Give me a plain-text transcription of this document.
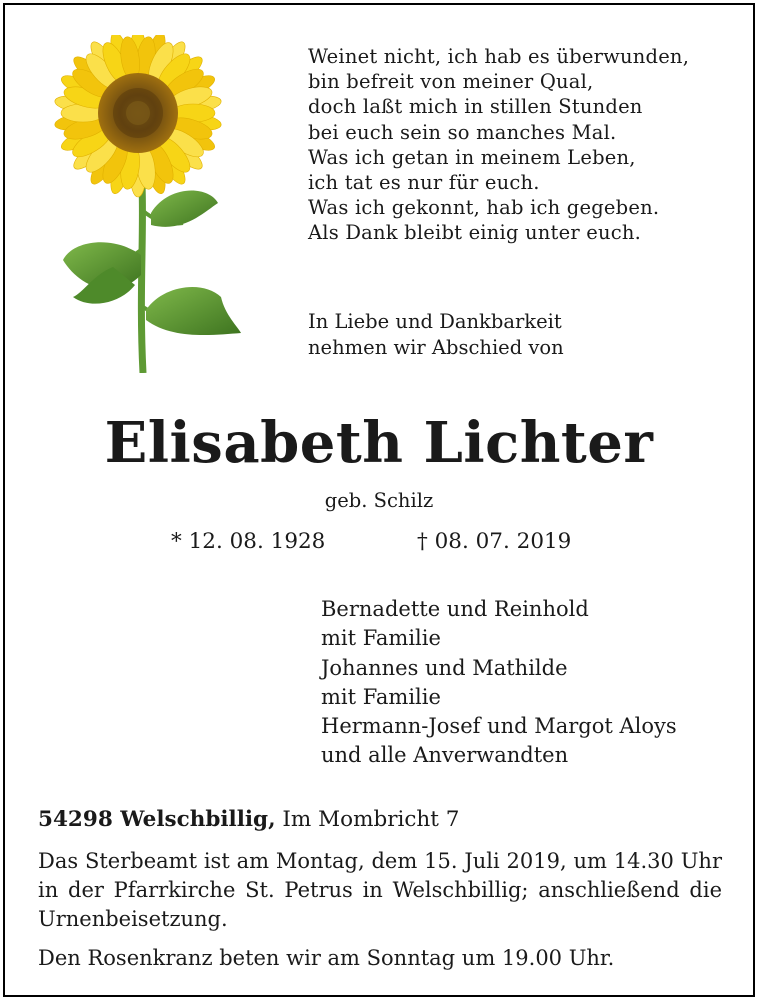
Weinet nicht, ich hab es überwunden,
bin befreit von meiner Qual,
doch laßt mich in stillen Stunden
bei euch sein so manches Mal.
Was ich getan in meinem Leben,
ich tat es nur für euch.
Was ich gekonnt, hab ich gegeben.
Als Dank bleibt einig unter euch.
In Liebe und Dankbarkeit
nehmen wir Abschied von
Elisabeth Lichter
geb. Schilz
* 12. 08. 1928	† 08. 07. 2019
Bernadette und Reinhold
mit Familie
Johannes und Mathilde
mit Familie
Hermann-Josef und Margot Aloys
und alle Anverwandten
54298 Welschbillig, Im Mombricht 7
Das Sterbeamt ist am Montag, dem 15. Juli 2019, um 14.30 Uhr in der Pfarrkirche St. Petrus in Welschbillig; anschließend die Urnenbeisetzung.
Den Rosenkranz beten wir am Sonntag um 19.00 Uhr.
